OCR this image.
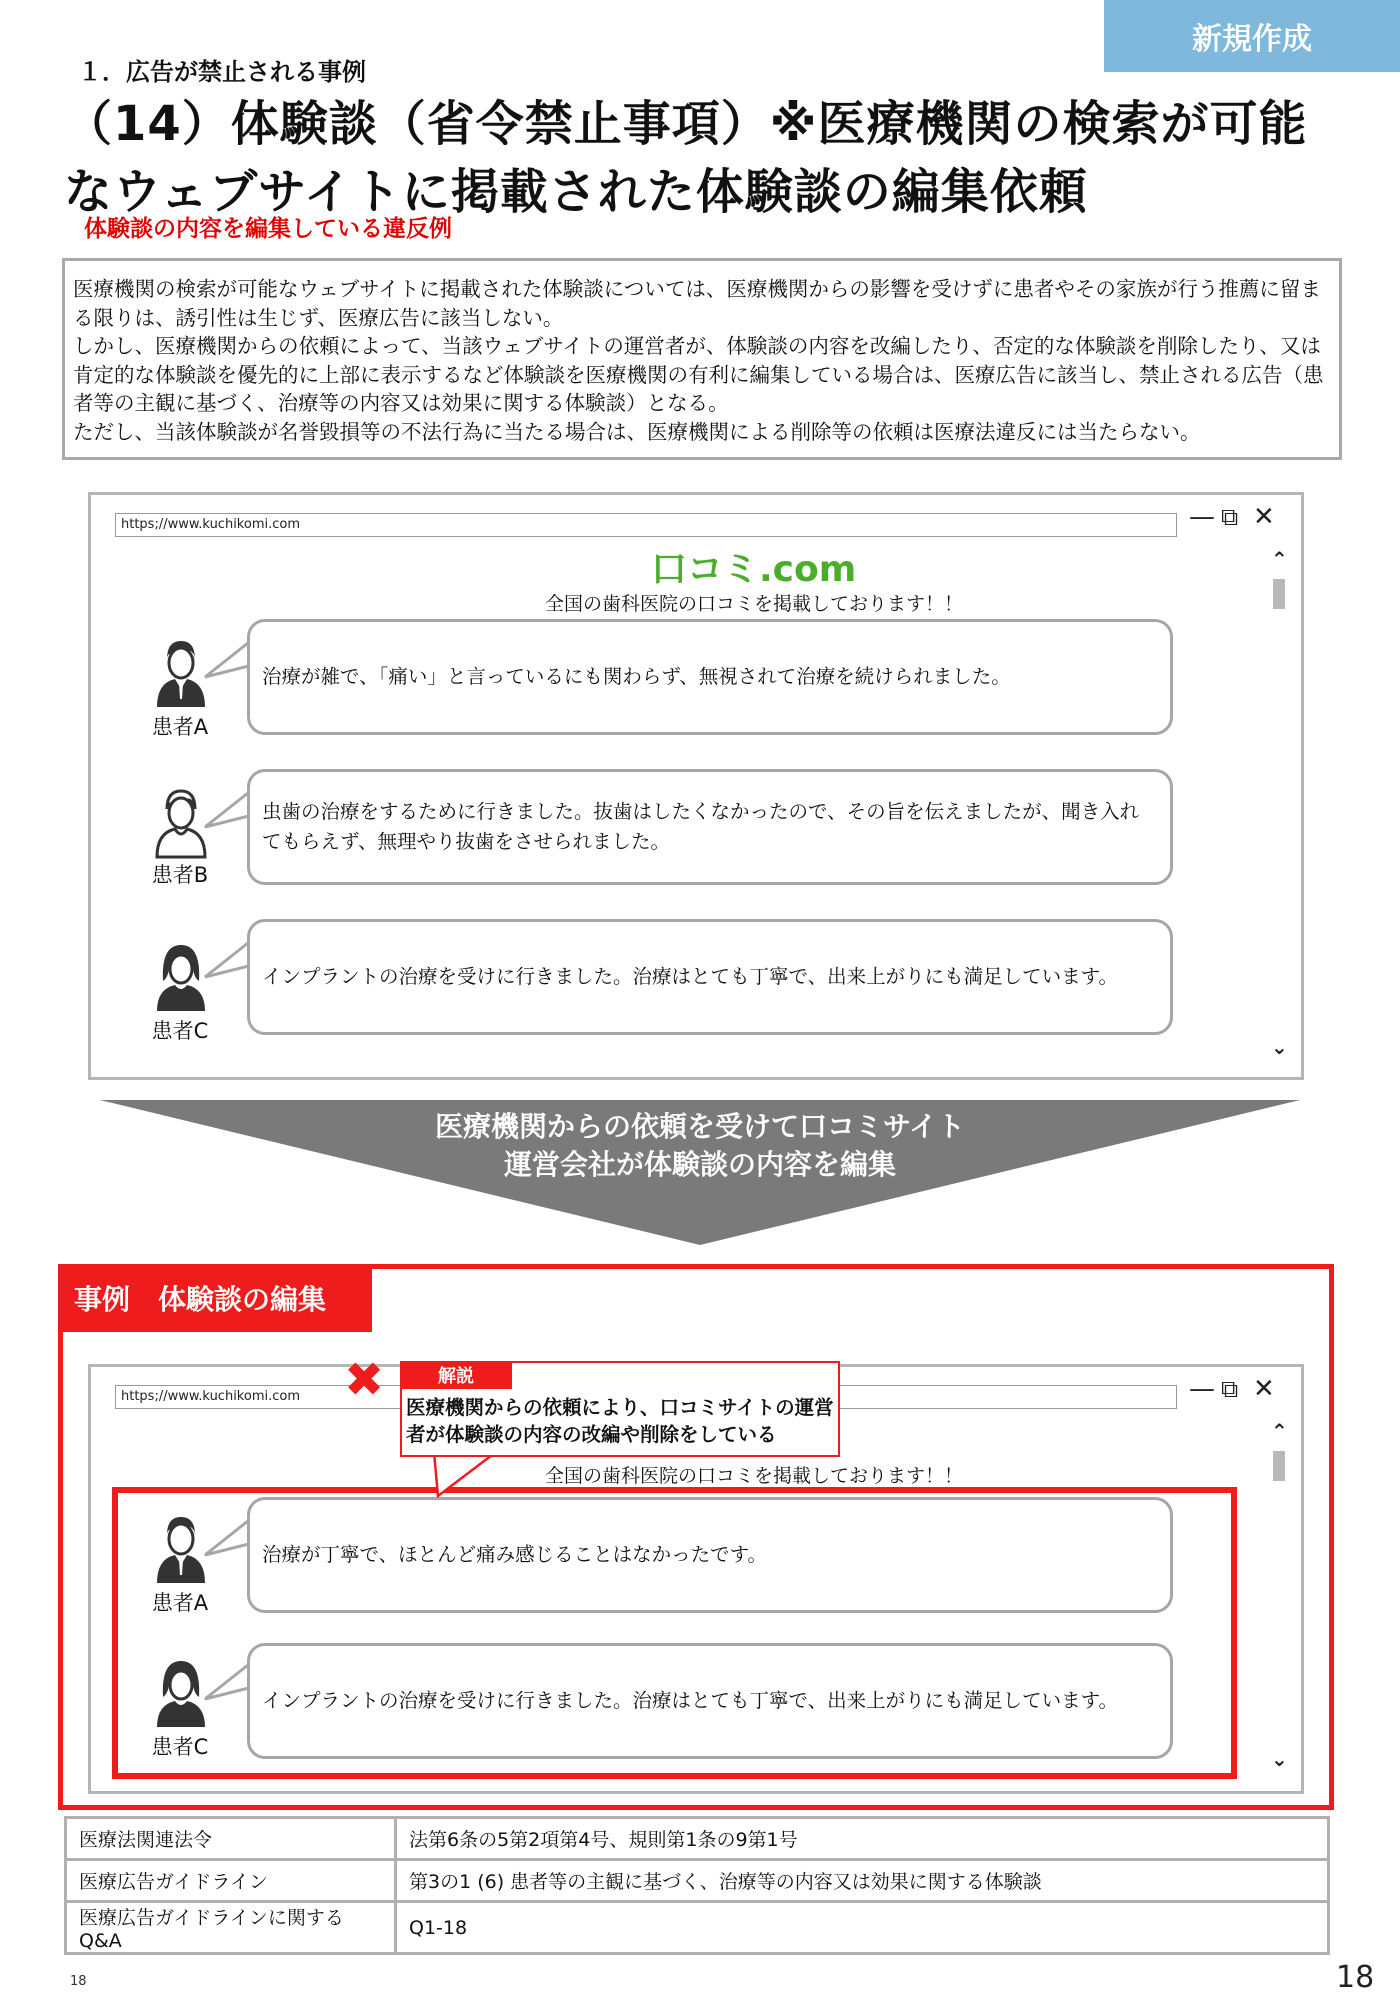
新規作成
１．広告が禁止される事例
（14）体験談（省令禁止事項）※医療機関の検索が可能なウェブサイトに掲載された体験談の編集依頼
体験談の内容を編集している違反例

医療機関の検索が可能なウェブサイトに掲載された体験談については、医療機関からの影響を受けずに患者やその家族が行う推薦に留まる限りは、誘引性は生じず、医療広告に該当しない。

しかし、医療機関からの依頼によって、当該ウェブサイトの運営者が、体験談の内容を改編したり、否定的な体験談を削除したり、又は肯定的な体験談を優先的に上部に表示するなど体験談を医療機関の有利に編集している場合は、医療広告に該当し、禁止される広告（患者等の主観に基づく、治療等の内容又は効果に関する体験談）となる。

ただし、当該体験談が名誉毀損等の不法行為に当たる場合は、医療機関による削除等の依頼は医療法違反には当たらない。

https;//www.kuchikomi.com	— ⧉ ✕
⌃
⌄
口コミ.com
全国の歯科医院の口コミを掲載しております！！
患者A
治療が雑で、「痛い」と言っているにも関わらず、無視されて治療を続けられました。
患者B
虫歯の治療をするために行きました。抜歯はしたくなかったので、その旨を伝えましたが、聞き入れてもらえず、無理やり抜歯をさせられました。
患者C
インプラントの治療を受けに行きました。治療はとても丁寧で、出来上がりにも満足しています。
医療機関からの依頼を受けて口コミサイト
運営会社が体験談の内容を編集
事例　体験談の編集
https;//www.kuchikomi.com	— ⧉ ✕
⌃
⌄
全国の歯科医院の口コミを掲載しております！！
患者A
治療が丁寧で、ほとんど痛み感じることはなかったです。
患者C
インプラントの治療を受けに行きました。治療はとても丁寧で、出来上がりにも満足しています。
✖	解説
医療機関からの依頼により、口コミサイトの運営者が体験談の内容の改編や削除をしている
医療法関連法令	法第6条の5第2項第4号、規則第1条の9第1号
医療広告ガイドライン	第3の1 (6) 患者等の主観に基づく、治療等の内容又は効果に関する体験談
医療広告ガイドラインに関するQ&A	Q1-18
18	18
